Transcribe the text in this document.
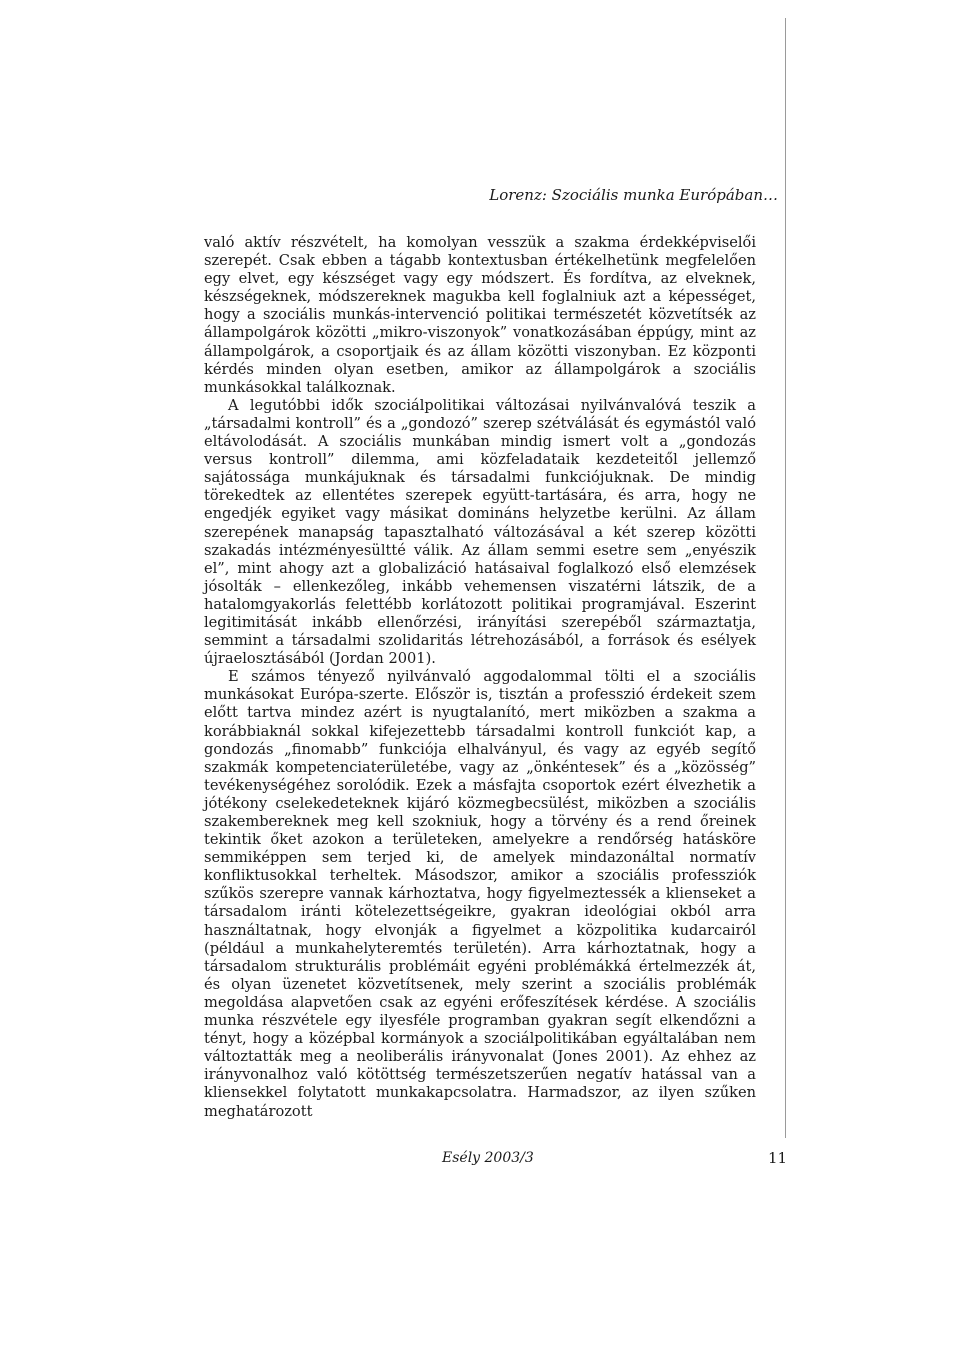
Lorenz: Szociális munka Európában…

való aktív részvételt, ha komolyan vesszük a szakma érdekképviselői szerepét. Csak ebben a tágabb kontextusban értékelhetünk megfelelően egy elvet, egy készséget vagy egy módszert. És fordítva, az elveknek, készségeknek, módszereknek magukba kell foglalniuk azt a képességet, hogy a szociális munkás-intervenció politikai természetét közvetítsék az állampolgárok közötti „mikro-viszonyok” vonatkozásában éppúgy, mint az állampolgárok, a csoportjaik és az állam közötti viszonyban. Ez központi kérdés minden olyan esetben, amikor az állampolgárok a szociális munkásokkal találkoznak.

A legutóbbi idők szociálpolitikai változásai nyilvánvalóvá teszik a „társadalmi kontroll” és a „gondozó” szerep szétválását és egymástól való eltávolodását. A szociális munkában mindig ismert volt a „gondozás versus kontroll” dilemma, ami közfeladataik kezdeteitől jellemző sajátossága munkájuknak és társadalmi funkciójuknak. De mindig törekedtek az ellentétes szerepek együtt-tartására, és arra, hogy ne engedjék egyiket vagy másikat domináns helyzetbe kerülni. Az állam szerepének manapság tapasztalható változásával a két szerep közötti szakadás intézményesültté válik. Az állam semmi esetre sem „enyészik el”, mint ahogy azt a globalizáció hatásaival foglalkozó első elemzések jósolták – ellenkezőleg, inkább vehemensen viszatérni látszik, de a hatalomgyakorlás felettébb korlátozott politikai programjával. Eszerint legitimitását inkább ellenőrzési, irányítási szerepéből származtatja, semmint a társadalmi szolidaritás létrehozásából, a források és esélyek újraelosztásából (Jordan 2001).

E számos tényező nyilvánvaló aggodalommal tölti el a szociális munkásokat Európa-szerte. Először is, tisztán a professzió érdekeit szem előtt tartva mindez azért is nyugtalanító, mert miközben a szakma a korábbiaknál sokkal kifejezettebb társadalmi kontroll funkciót kap, a gondozás „finomabb” funkciója elhalványul, és vagy az egyéb segítő szakmák kompetenciaterületébe, vagy az „önkéntesek” és a „közösség” tevékenységéhez sorolódik. Ezek a másfajta csoportok ezért élvezhetik a jótékony cselekedeteknek kijáró közmegbecsülést, miközben a szociális szakembereknek meg kell szokniuk, hogy a törvény és a rend őreinek tekintik őket azokon a területeken, amelyekre a rendőrség hatásköre semmiképpen sem terjed ki, de amelyek mindazonáltal normatív konfliktusokkal terheltek. Másodszor, amikor a szociális professziók szűkös szerepre vannak kárhoztatva, hogy figyelmeztessék a klienseket a társadalom iránti kötelezettségeikre, gyakran ideológiai okból arra használtatnak, hogy elvonják a figyelmet a közpolitika kudarcairól (például a munkahelyteremtés területén). Arra kárhoztatnak, hogy a társadalom strukturális problémáit egyéni problémákká értelmezzék át, és olyan üzenetet közvetítsenek, mely szerint a szociális problémák megoldása alapvetően csak az egyéni erőfeszítések kérdése. A szociális munka részvétele egy ilyesféle programban gyakran segít elkendőzni a tényt, hogy a középbal kormányok a szociálpolitikában egyáltalában nem változtatták meg a neoliberális irányvonalat (Jones 2001). Az ehhez az irányvonalhoz való kötöttség természetszerűen negatív hatással van a kliensekkel folytatott munkakapcsolatra. Harmadszor, az ilyen szűken meghatározott

Esély 2003/3	11
